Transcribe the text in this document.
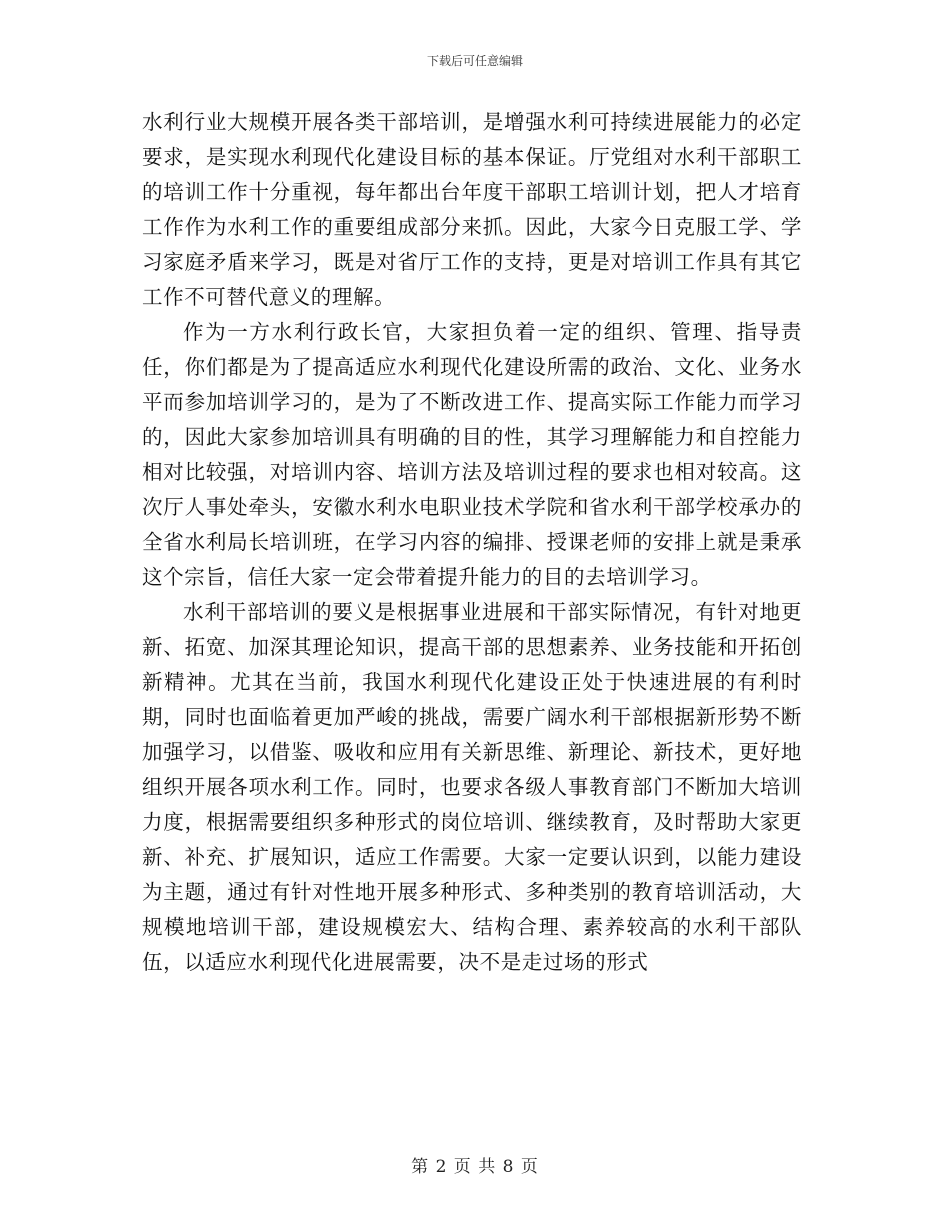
下载后可任意编辑

水利行业大规模开展各类干部培训，是增强水利可持续进展能力的必定要求，是实现水利现代化建设目标的基本保证。厅党组对水利干部职工的培训工作十分重视，每年都出台年度干部职工培训计划，把人才培育工作作为水利工作的重要组成部分来抓。因此，大家今日克服工学、学习家庭矛盾来学习，既是对省厅工作的支持，更是对培训工作具有其它工作不可替代意义的理解。

作为一方水利行政长官，大家担负着一定的组织、管理、指导责任，你们都是为了提高适应水利现代化建设所需的政治、文化、业务水平而参加培训学习的，是为了不断改进工作、提高实际工作能力而学习的，因此大家参加培训具有明确的目的性，其学习理解能力和自控能力相对比较强，对培训内容、培训方法及培训过程的要求也相对较高。这次厅人事处牵头，安徽水利水电职业技术学院和省水利干部学校承办的全省水利局长培训班，在学习内容的编排、授课老师的安排上就是秉承这个宗旨，信任大家一定会带着提升能力的目的去培训学习。

水利干部培训的要义是根据事业进展和干部实际情况，有针对地更新、拓宽、加深其理论知识，提高干部的思想素养、业务技能和开拓创新精神。尤其在当前，我国水利现代化建设正处于快速进展的有利时期，同时也面临着更加严峻的挑战，需要广阔水利干部根据新形势不断加强学习，以借鉴、吸收和应用有关新思维、新理论、新技术，更好地组织开展各项水利工作。同时，也要求各级人事教育部门不断加大培训力度，根据需要组织多种形式的岗位培训、继续教育，及时帮助大家更新、补充、扩展知识，适应工作需要。大家一定要认识到，以能力建设为主题，通过有针对性地开展多种形式、多种类别的教育培训活动，大规模地培训干部，建设规模宏大、结构合理、素养较高的水利干部队伍，以适应水利现代化进展需要，决不是走过场的形式

第 2 页 共 8 页
